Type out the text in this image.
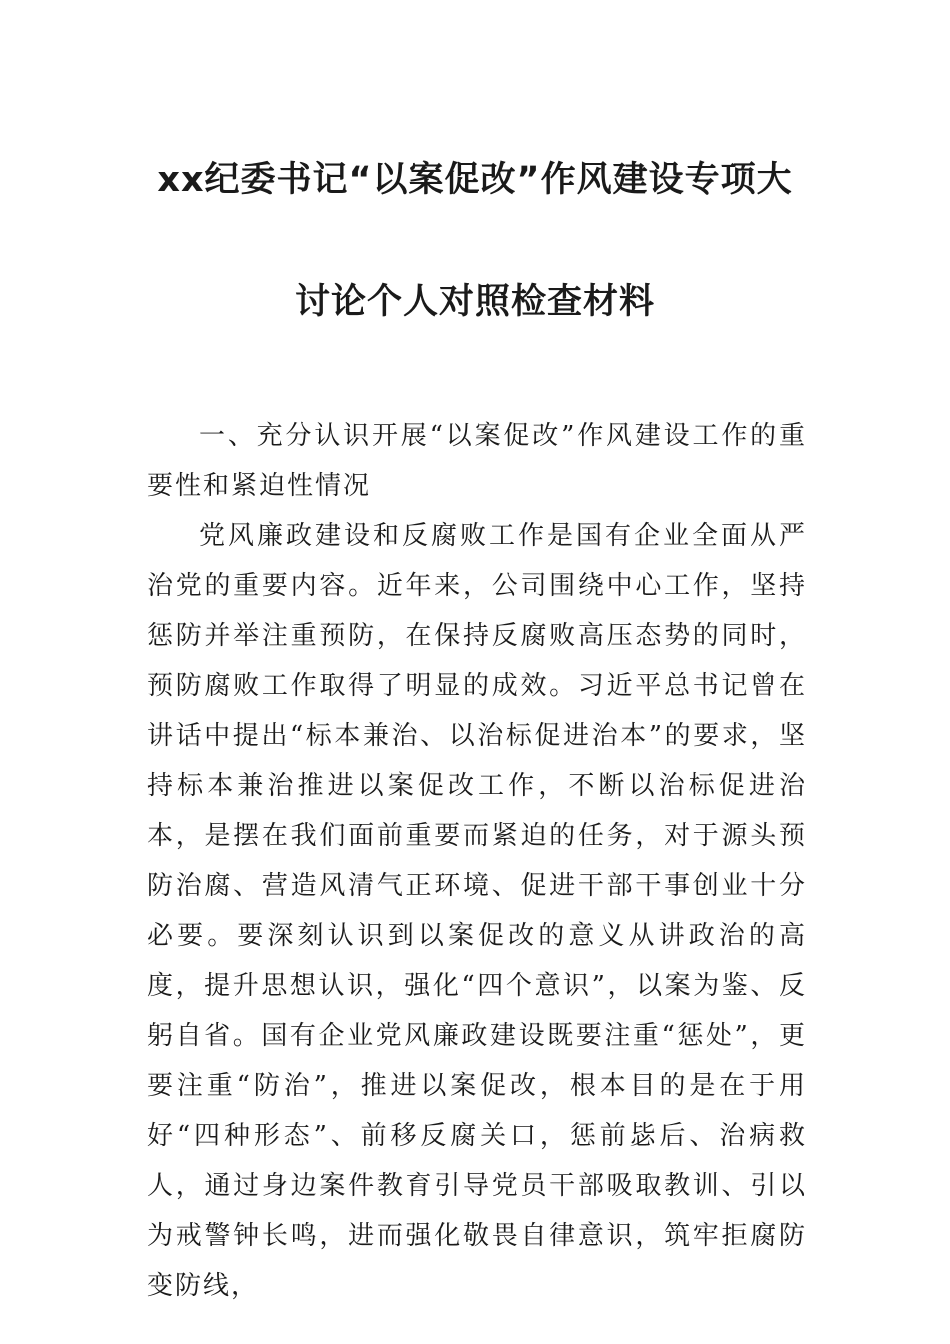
xx纪委书记“以案促改”作风建设专项大
讨论个人对照检查材料

一、充分认识开展“以案促改”作风建设工作的重要性和紧迫性情况

党风廉政建设和反腐败工作是国有企业全面从严治党的重要内容。近年来，公司围绕中心工作，坚持惩防并举注重预防，在保持反腐败高压态势的同时，预防腐败工作取得了明显的成效。习近平总书记曾在讲话中提出“标本兼治、以治标促进治本”的要求，坚持标本兼治推进以案促改工作，不断以治标促进治本，是摆在我们面前重要而紧迫的任务，对于源头预防治腐、营造风清气正环境、促进干部干事创业十分必要。要深刻认识到以案促改的意义从讲政治的高度，提升思想认识，强化“四个意识”，以案为鉴、反躬自省。国有企业党风廉政建设既要注重“惩处”，更要注重“防治”，推进以案促改，根本目的是在于用好“四种形态”、前移反腐关口，惩前毖后、治病救人，通过身边案件教育引导党员干部吸取教训、引以为戒警钟长鸣，进而强化敬畏自律意识，筑牢拒腐防变防线，
